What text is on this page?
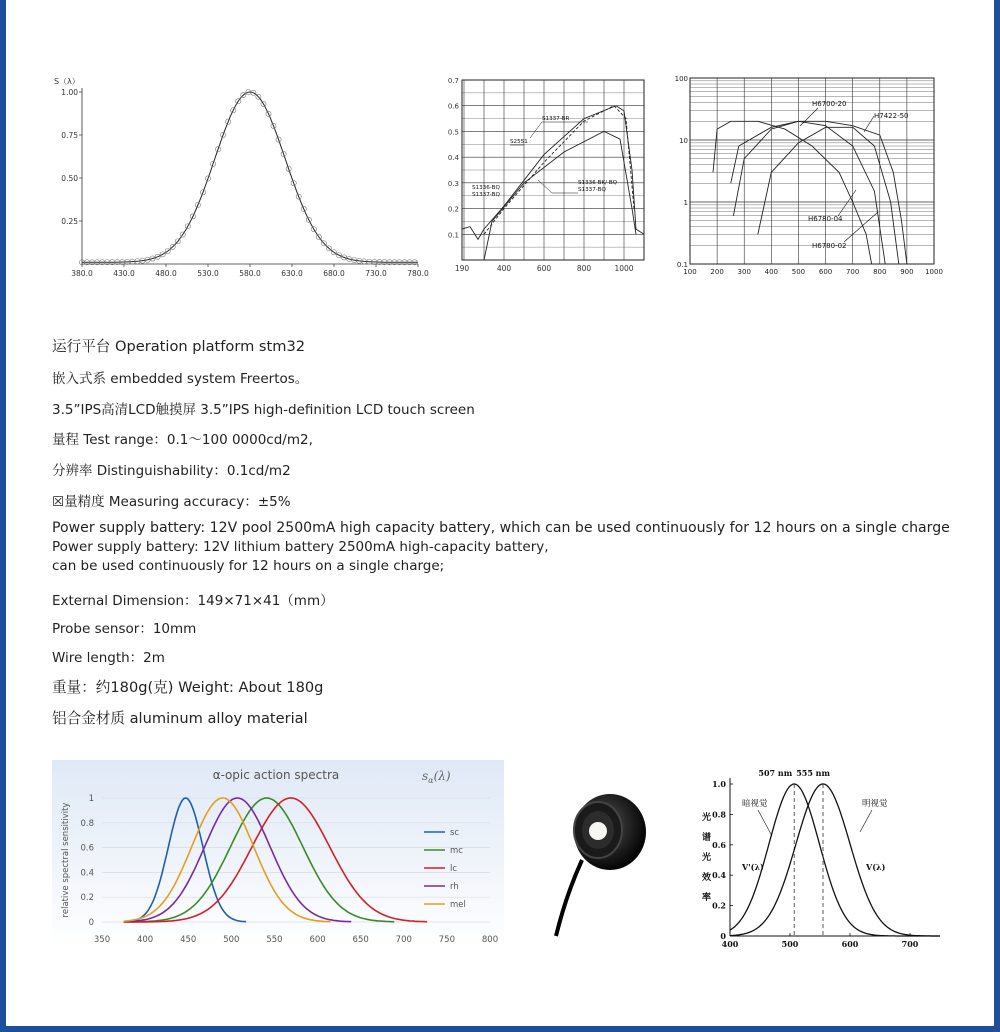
S（λ）
1.00
0.75
0.50
0.25
380.0	430.0	480.0	530.0	580.0	630.0	680.0	730.0	780.0
0.7
0.6
0.5
0.4
0.3
0.2
0.1
190	400	600	800	1000
S1337-BR
S2551
S1336-BQ
S1337-BQ
S1336-BK/-BQ
S1337-BQ
100
10
1
0.1
100 200 300 400 500 600 700 800 900 1000
H6700-20
H7422-50
H6780-04
H6780-02
运行平台 Operation platform stm32
嵌入式系 embedded system Freertos。
3.5”IPS高清LCD触摸屏 3.5”IPS high-definition LCD touch screen
量程 Test range：0.1～100 0000cd/m2,
分辨率 Distinguishability：0.1cd/m2
☒量精度 Measuring accuracy：±5%
Power supply battery: 12V pool 2500mA high capacity battery, which can be used continuously for 12 hours on a single charge
Power supply battery: 12V lithium battery 2500mA high-capacity battery,
can be used continuously for 12 hours on a single charge;
External Dimension：149×71×41（mm）
Probe sensor：10mm
Wire length：2m
重量：约180g(克) Weight: About 180g
铝合金材质 aluminum alloy material
α-opic action spectra	$s_\alpha(\lambda)$
0
0.2
0.4
0.6
0.8
1
350	400	450	500	550	600	650	700	750	800
relative spectral sensitivity	sc
mc
lc
rh
mel
1.0
0.8
0.6
0.4
0.2
0
400	500	600	700
光
谱
光
效
率
507 nm 555 nm
暗视觉	明视觉
V'(λ)	V(λ)
